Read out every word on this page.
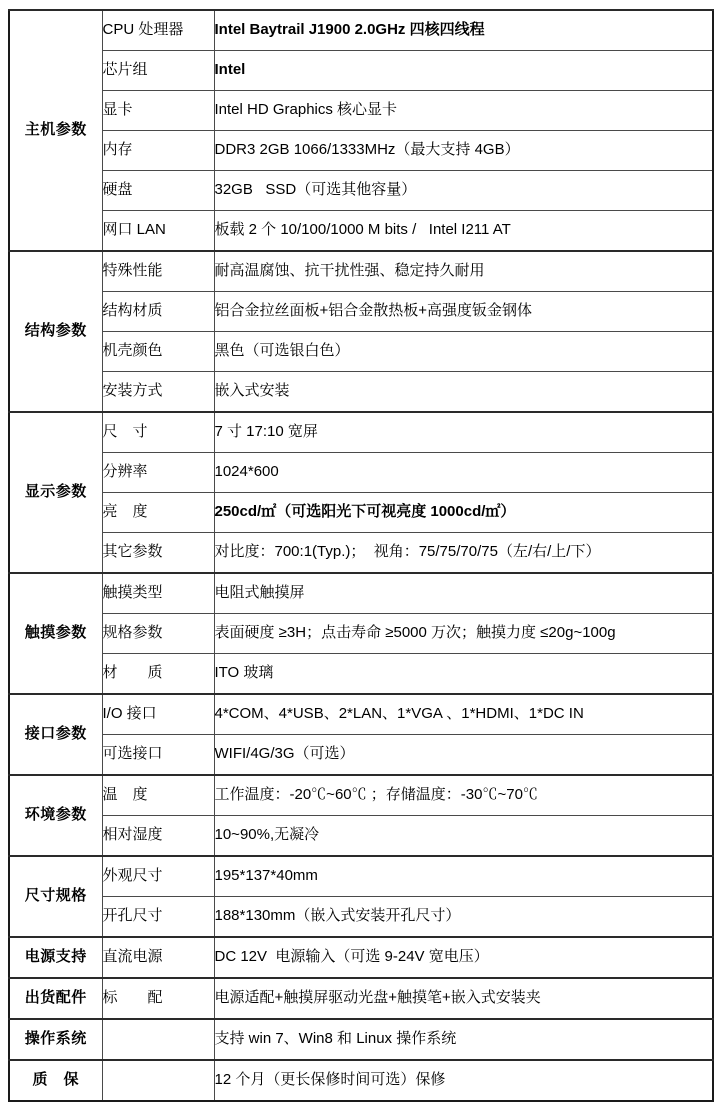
主机参数	CPU 处理器	Intel Baytrail J1900 2.0GHz 四核四线程
	芯片组	Intel
	显卡	Intel HD Graphics 核心显卡
	内存	DDR3 2GB 1066/1333MHz（最大支持 4GB）
	硬盘	32GB   SSD（可选其他容量）
	网口 LAN	板载 2 个 10/100/1000 M bits /   Intel I211 AT
结构参数	特殊性能	耐高温腐蚀、抗干扰性强、稳定持久耐用
	结构材质	铝合金拉丝面板+铝合金散热板+高强度钣金钢体
	机壳颜色	黑色（可选银白色）
	安装方式	嵌入式安装
显示参数	尺　寸	7 寸 17:10 宽屏
	分辨率	1024*600
	亮　度	250cd/㎡（可选阳光下可视亮度 1000cd/㎡）
	其它参数	对比度：700:1(Typ.)；  视角：75/75/70/75（左/右/上/下）
触摸参数	触摸类型	电阻式触摸屏
	规格参数	表面硬度 ≥3H；点击寿命 ≥5000 万次；触摸力度 ≤20g~100g
	材　　质	ITO 玻璃
接口参数	I/O 接口	4*COM、4*USB、2*LAN、1*VGA 、1*HDMI、1*DC IN
	可选接口	WIFI/4G/3G（可选）
环境参数	温　度	工作温度：-20℃~60℃ ；存储温度：-30℃~70℃
	相对湿度	10~90%,无凝冷
尺寸规格	外观尺寸	195*137*40mm
	开孔尺寸	188*130mm（嵌入式安装开孔尺寸）
电源支持	直流电源	DC 12V  电源输入（可选 9-24V 宽电压）
出货配件	标　　配	电源适配+触摸屏驱动光盘+触摸笔+嵌入式安装夹
操作系统		支持 win 7、Win8 和 Linux 操作系统
质　保		12 个月（更长保修时间可选）保修
